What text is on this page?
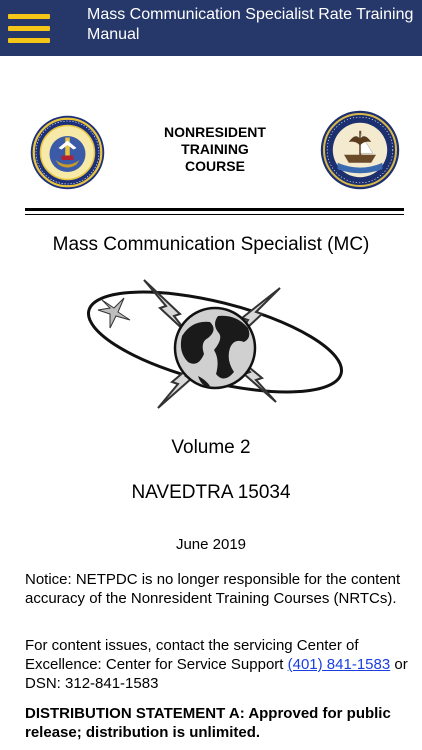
Mass Communication Specialist Rate Training Manual
NONRESIDENT
TRAINING
COURSE
Mass Communication Specialist (MC)
Volume 2
NAVEDTRA 15034
June 2019
Notice: NETPDC is no longer responsible for the content accuracy of the Nonresident Training Courses (NRTCs).
For content issues, contact the servicing Center of Excellence: Center for Service Support (401) 841-1583 or DSN: 312-841-1583
DISTRIBUTION STATEMENT A: Approved for public release; distribution is unlimited.
